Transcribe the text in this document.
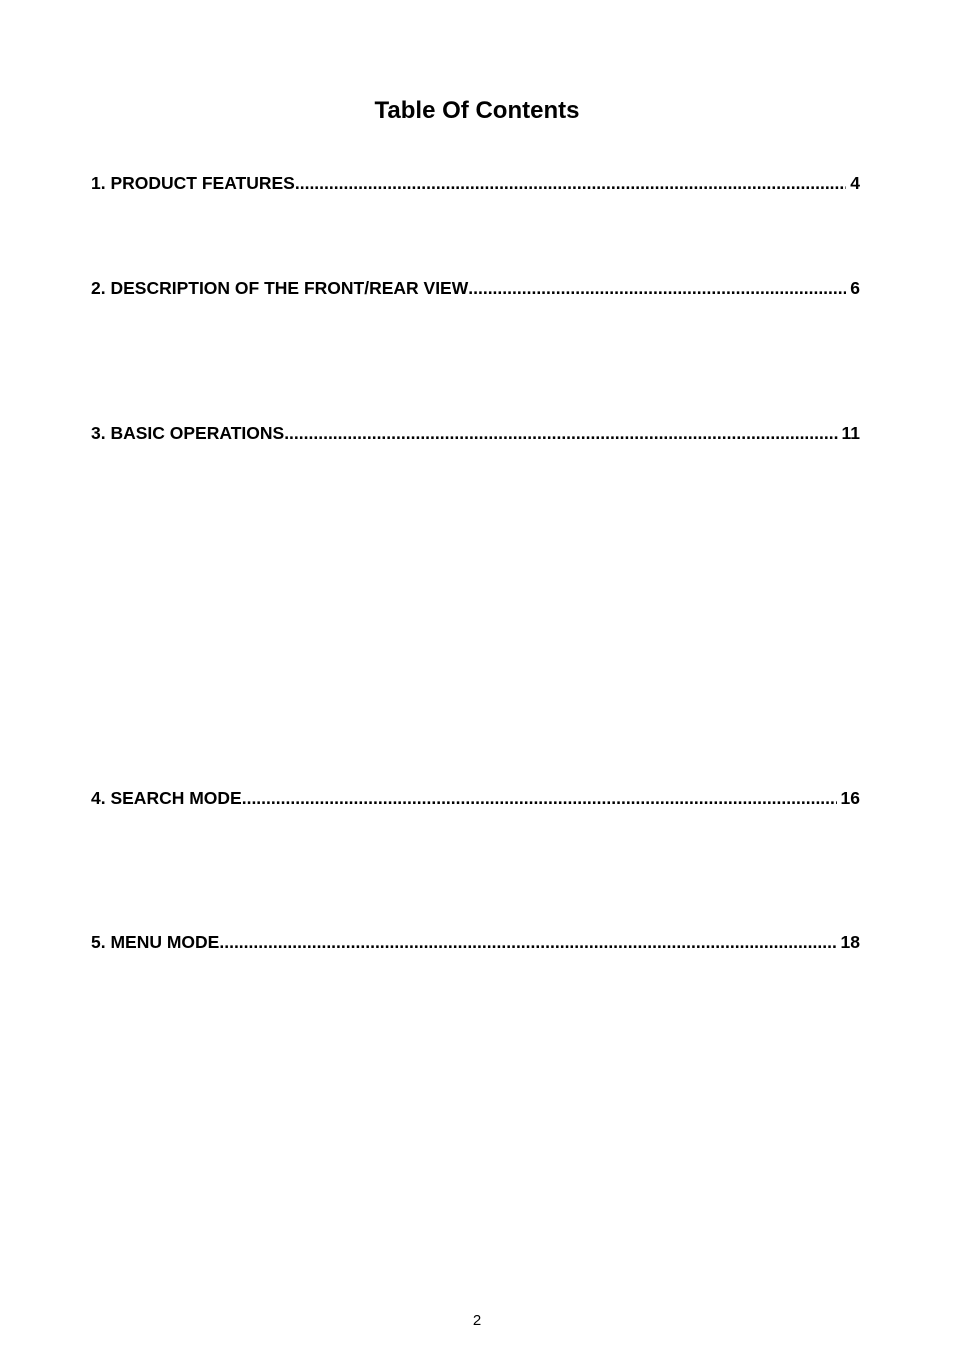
Table Of Contents
1. PRODUCT FEATURES .....	4
2. DESCRIPTION OF THE FRONT/REAR VIEW .....	6
3. BASIC OPERATIONS .....	11
4. SEARCH MODE .....	16
5. MENU MODE .....	18
2
